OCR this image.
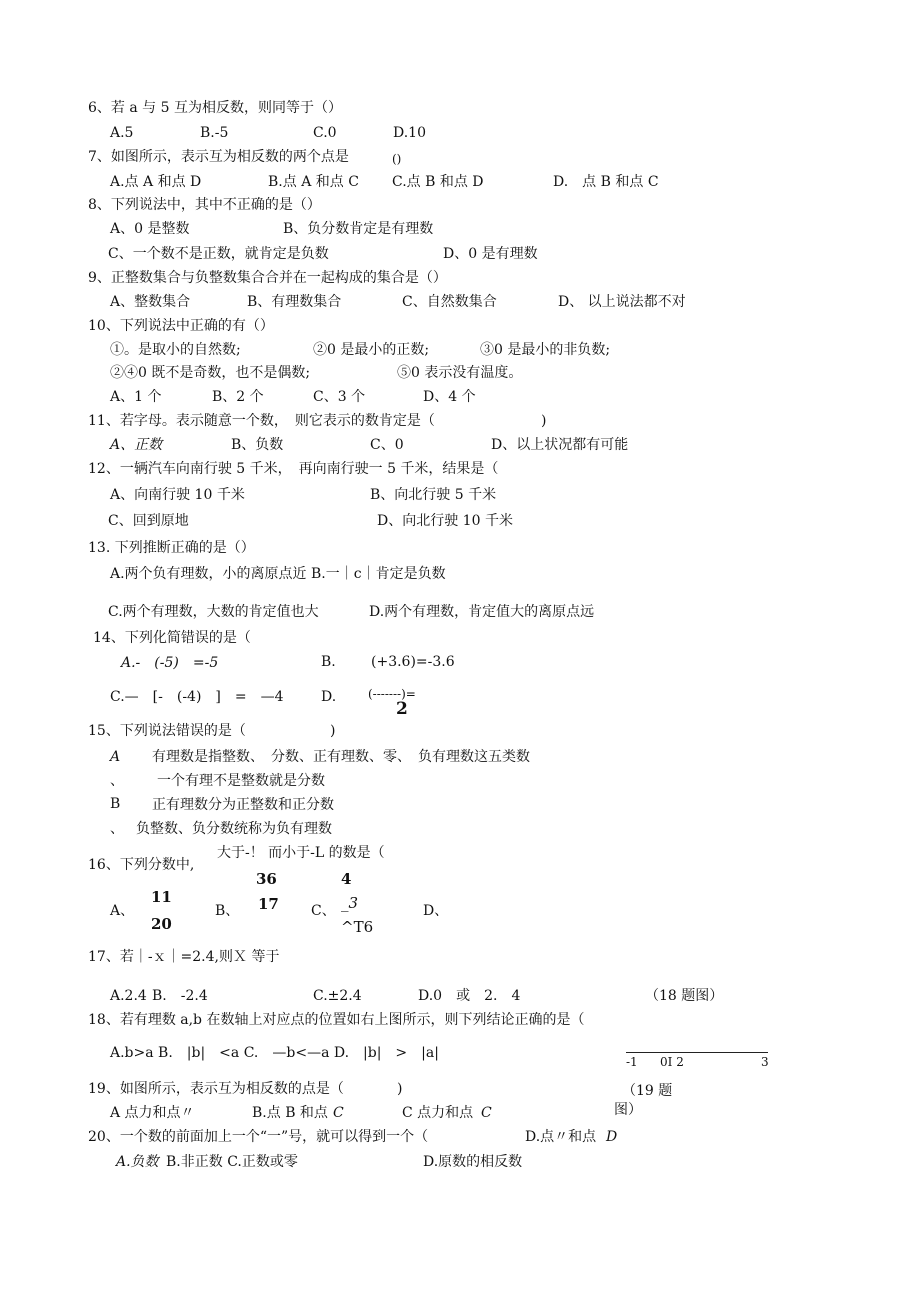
6、若 a 与 5 互为相反数，则同等于（）
A.5	B.-5	C.0	D.10
7、如图所示，表示互为相反数的两个点是	()
A.点 A 和点 D	B.点 A 和点 C C.点 B 和点 D	D.　点 B 和点 C
8、下列说法中，其中不正确的是（）
A、0 是整数	B、负分数肯定是有理数
C、一个数不是正数，就肯定是负数	D、0 是有理数
9、正整数集合与负整数集合合并在一起构成的集合是（）
A、整数集合	B、有理数集合	C、自然数集合	D、 以上说法都不对
10、下列说法中正确的有（）
①。是取小的自然数;	②0 是最小的正数;	③0 是最小的非负数;
②④0 既不是奇数，也不是偶数;	⑤0 表示没有温度。
A、1 个	B、2 个	C、3 个	D、4 个
11、若字母。表示随意一个数，　则它表示的数肯定是（	)
A、正数	B、负数	C、0	D、以上状况都有可能
12、一辆汽车向南行驶 5 千米，　再向南行驶一 5 千米，结果是（
A、向南行驶 10 千米	B、向北行驶 5 千米
C、回到原地	D、向北行驶 10 千米
13. 下列推断正确的是（）
A.两个负有理数，小的离原点近 B.一｜c｜肯定是负数
C.两个有理数，大数的肯定值也大	D.两个有理数，肯定值大的离原点远
14、下列化简错误的是（
A.-　(-5)　=-5	B.	(+3.6)=-3.6
C.—　[-　(-4)　]　=　—4	D.	(-------)=
2
15、下列说法错误的是（	)
A 有理数是指整数、　分数、正有理数、零、　负有理数这五类数
、 一个有理不是整数就是分数
B 正有理数分为正整数和正分数
、 负整数、负分数统称为负有理数
大于-！ 而小于-L 的数是（
16、下列分数中,
36	4
11
A、	B、 17 C、 _3	D、
20	^T6
17、若｜-ｘ｜=2.4,则Ｘ 等于
A.2.4 B.　-2.4	C.±2.4	D.0　或　2.　4	（18 题图）
18、若有理数 a,b 在数轴上对应点的位置如右上图所示，则下列结论正确的是（
A.b>a B.　|b|　<a C.　—b<—a D.　|b|　>　|a|
-1 0I 2	3
19、如图所示，表示互为相反数的点是（	)	（19 题
A 点力和点〃	B.点 B 和点 C	C 点力和点 C	图）
20、一个数的前面加上一个“一”号，就可以得到一个（	D.点〃和点 D
A.负数 B.非正数 C.正数或零	D.原数的相反数
